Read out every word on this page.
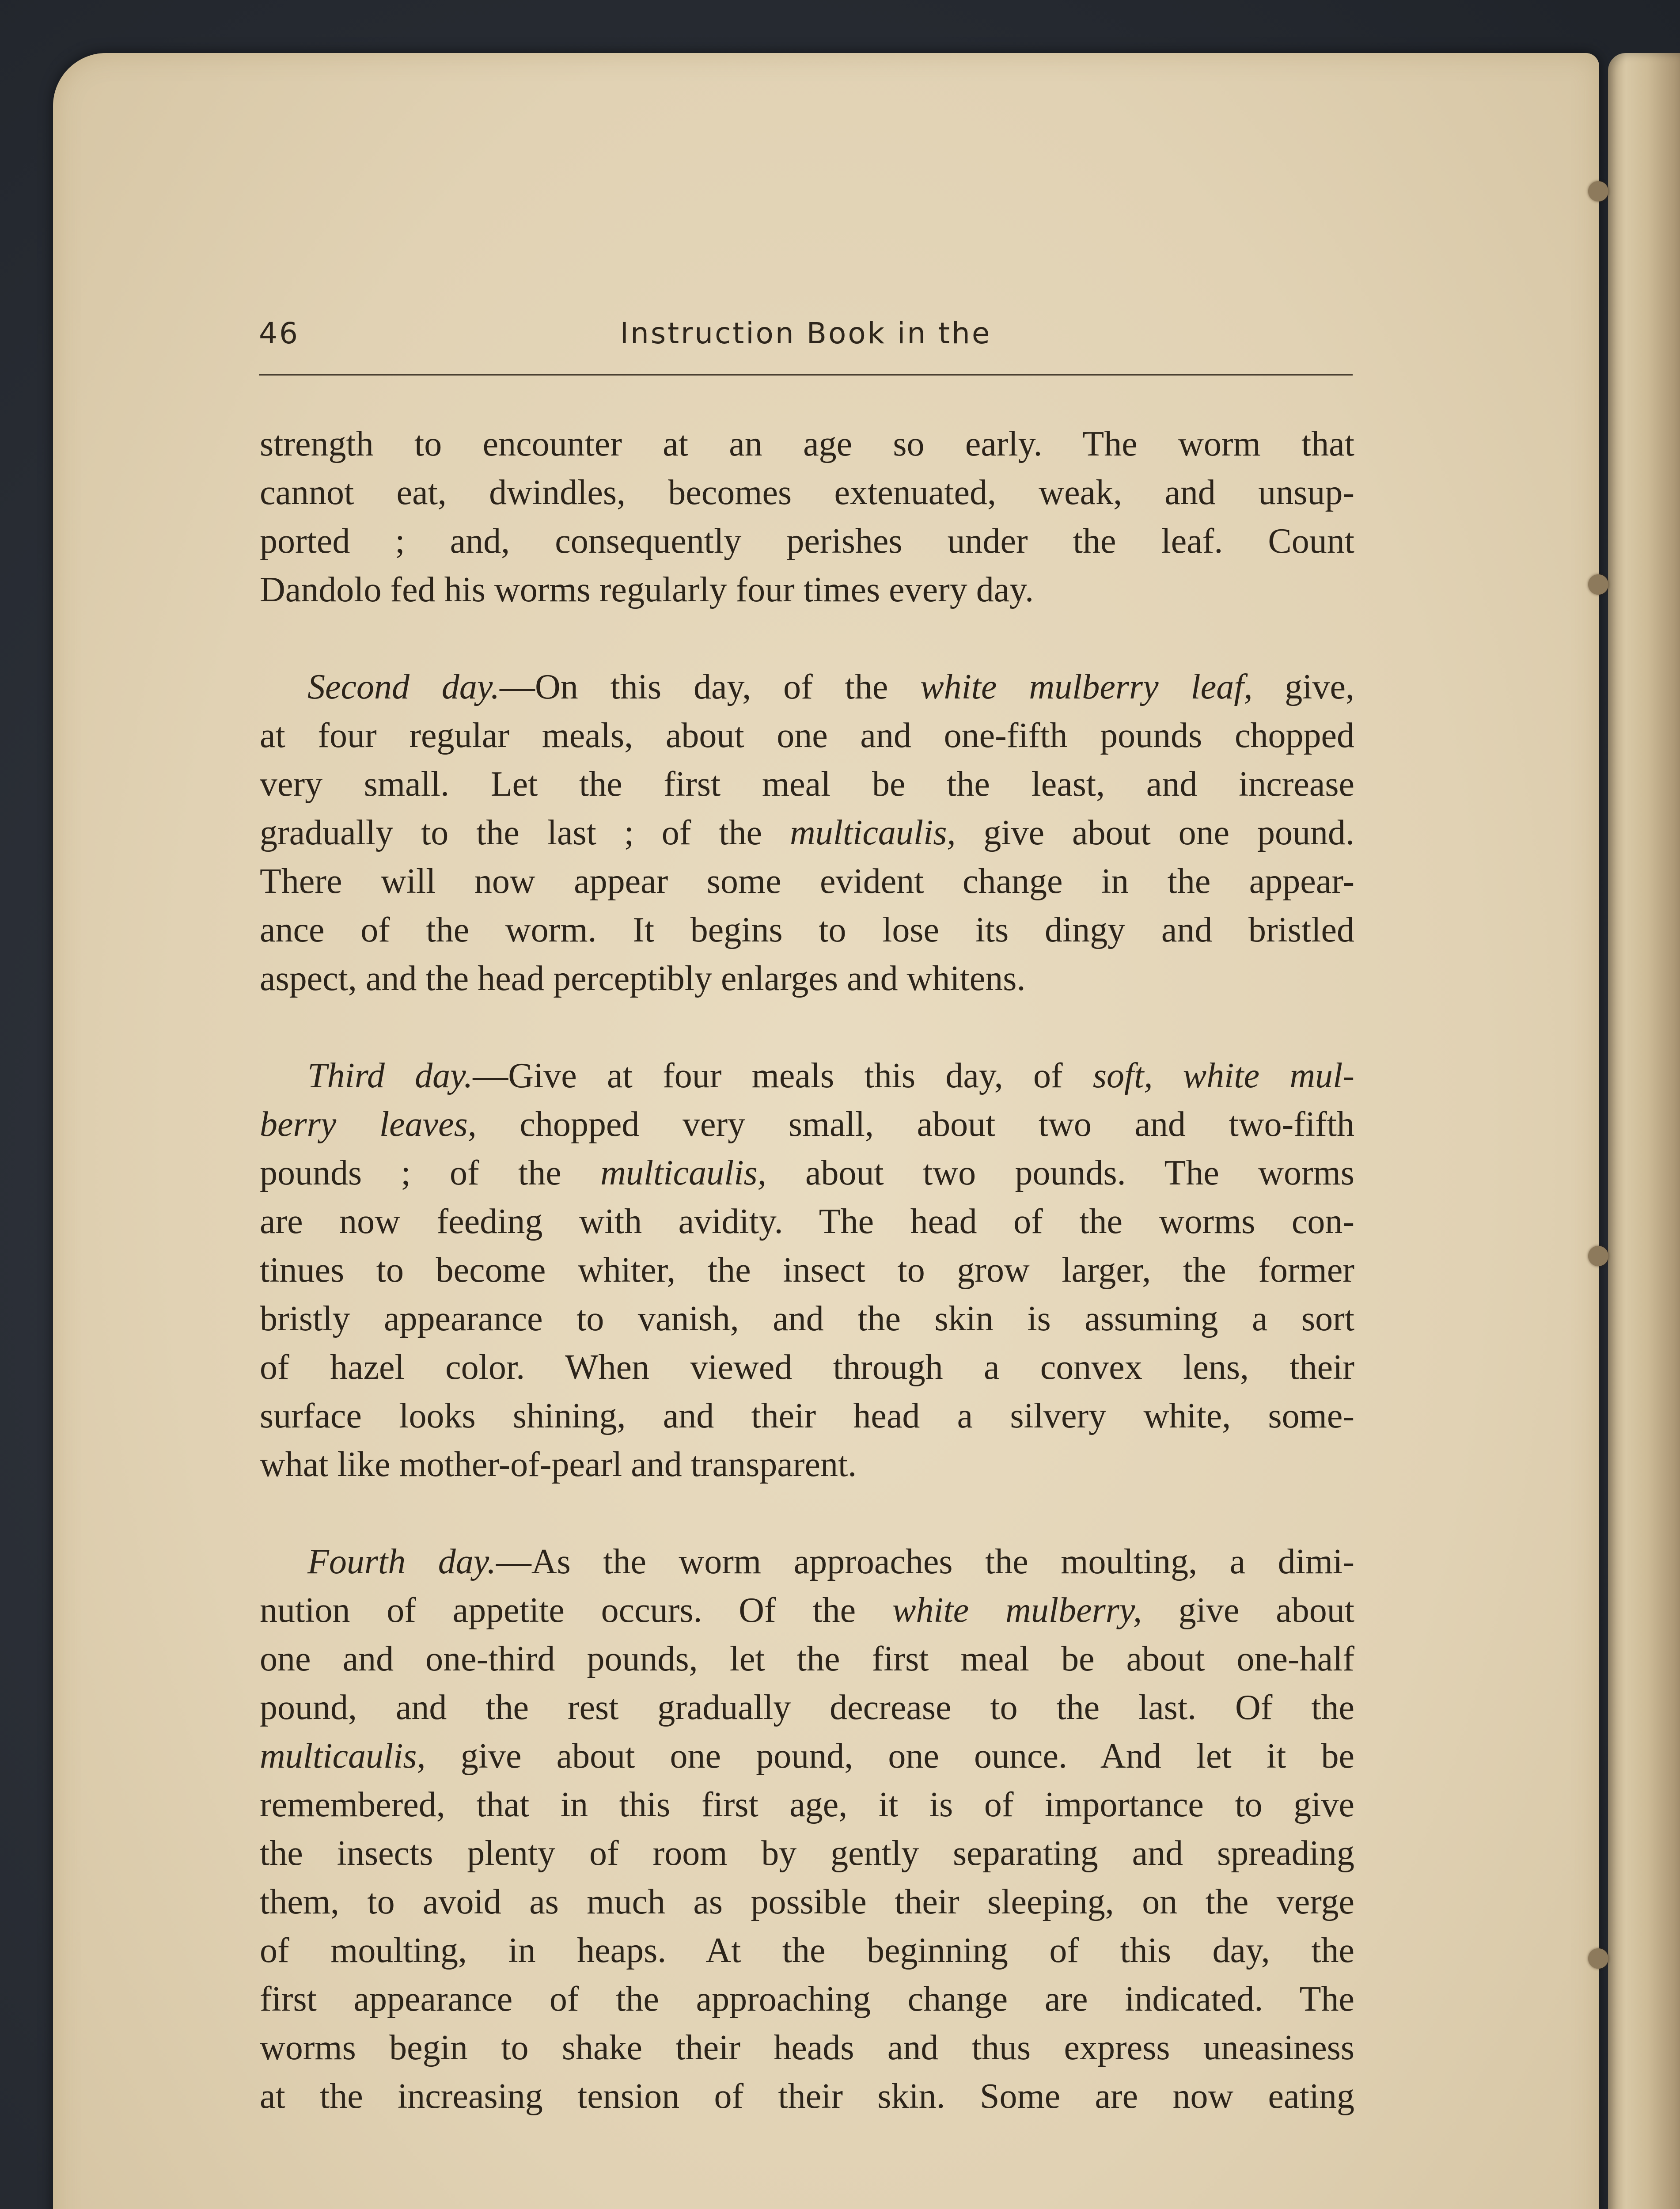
46	Instruction Book in the
strength to encounter at an age so early. The worm that
cannot eat, dwindles, becomes extenuated, weak, and unsup-
ported ; and, consequently perishes under the leaf. Count
Dandolo fed his worms regularly four times every day.
Second day.—On this day, of the white mulberry leaf, give,
at four regular meals, about one and one-fifth pounds chopped
very small. Let the first meal be the least, and increase
gradually to the last ; of the multicaulis, give about one pound.
There will now appear some evident change in the appear-
ance of the worm. It begins to lose its dingy and bristled
aspect, and the head perceptibly enlarges and whitens.
Third day.—Give at four meals this day, of soft, white mul-
berry leaves, chopped very small, about two and two-fifth
pounds ; of the multicaulis, about two pounds. The worms
are now feeding with avidity. The head of the worms con-
tinues to become whiter, the insect to grow larger, the former
bristly appearance to vanish, and the skin is assuming a sort
of hazel color. When viewed through a convex lens, their
surface looks shining, and their head a silvery white, some-
what like mother-of-pearl and transparent.
Fourth day.—As the worm approaches the moulting, a dimi-
nution of appetite occurs. Of the white mulberry, give about
one and one-third pounds, let the first meal be about one-half
pound, and the rest gradually decrease to the last. Of the
multicaulis, give about one pound, one ounce. And let it be
remembered, that in this first age, it is of importance to give
the insects plenty of room by gently separating and spreading
them, to avoid as much as possible their sleeping, on the verge
of moulting, in heaps. At the beginning of this day, the
first appearance of the approaching change are indicated. The
worms begin to shake their heads and thus express uneasiness
at the increasing tension of their skin. Some are now eating
